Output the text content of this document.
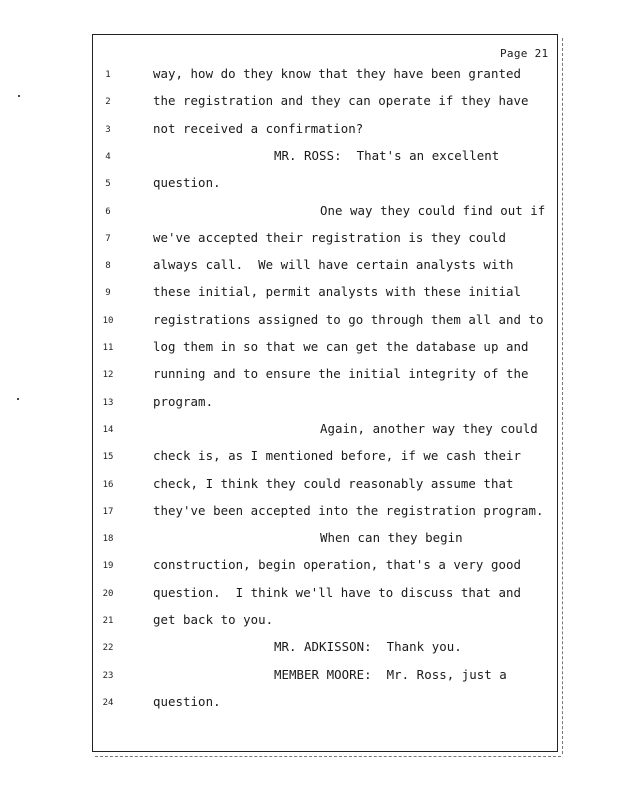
Page 21
1	way, how do they know that they have been granted
2	the registration and they can operate if they have
3	not received a confirmation?
4	MR. ROSS:  That's an excellent
5	question.
6	One way they could find out if
7	we've accepted their registration is they could
8	always call.  We will have certain analysts with
9	these initial, permit analysts with these initial
10	registrations assigned to go through them all and to
11	log them in so that we can get the database up and
12	running and to ensure the initial integrity of the
13	program.
14	Again, another way they could
15	check is, as I mentioned before, if we cash their
16	check, I think they could reasonably assume that
17	they've been accepted into the registration program.
18	When can they begin
19	construction, begin operation, that's a very good
20	question.  I think we'll have to discuss that and
21	get back to you.
22	MR. ADKISSON:  Thank you.
23	MEMBER MOORE:  Mr. Ross, just a
24	question.
